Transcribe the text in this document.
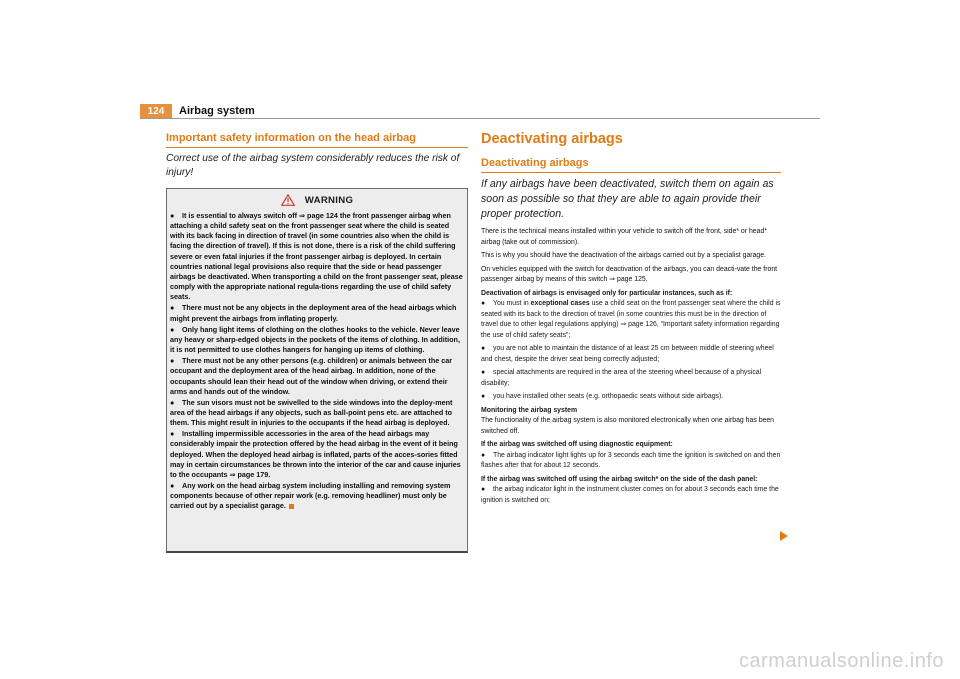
124	Airbag system
Important safety information on the head airbag

Correct use of the airbag system considerably reduces the risk of injury!

WARNING

● It is essential to always switch off ⇒ page 124 the front passenger airbag when attaching a child safety seat on the front passenger seat where the child is seated with its back facing in direction of travel (in some countries also when the child is facing the direction of travel). If this is not done, there is a risk of the child suffering severe or even fatal injuries if the front passenger airbag is deployed. In certain countries national legal provisions also require that the side or head passenger airbags be deactivated. When transporting a child on the front passenger seat, please comply with the appropriate national regula-tions regarding the use of child safety seats.

● There must not be any objects in the deployment area of the head airbags which might prevent the airbags from inflating properly.

● Only hang light items of clothing on the clothes hooks to the vehicle. Never leave any heavy or sharp-edged objects in the pockets of the items of clothing. In addition, it is not permitted to use clothes hangers for hanging up items of clothing.

● There must not be any other persons (e.g. children) or animals between the car occupant and the deployment area of the head airbag. In addition, none of the occupants should lean their head out of the window when driving, or extend their arms and hands out of the window.

● The sun visors must not be swivelled to the side windows into the deploy-ment area of the head airbags if any objects, such as ball-point pens etc. are attached to them. This might result in injuries to the occupants if the head airbag is deployed.

● Installing impermissible accessories in the area of the head airbags may considerably impair the protection offered by the head airbag in the event of it being deployed. When the deployed head airbag is inflated, parts of the acces-sories fitted may in certain circumstances be thrown into the interior of the car and cause injuries to the occupants ⇒ page 179.

● Any work on the head airbag system including installing and removing system components because of other repair work (e.g. removing headliner) must only be carried out by a specialist garage.

Deactivating airbags
Deactivating airbags

If any airbags have been deactivated, switch them on again as soon as possible so that they are able to again provide their proper protection.

There is the technical means installed within your vehicle to switch off the front, side* or head* airbag (take out of commission).

This is why you should have the deactivation of the airbags carried out by a specialist garage.

On vehicles equipped with the switch for deactivation of the airbags, you can deacti-vate the front passenger airbag by means of this switch ⇒ page 125.

Deactivation of airbags is envisaged only for particular instances, such as if:

● You must in exceptional cases use a child seat on the front passenger seat where the child is seated with its back to the direction of travel (in some countries this must be in the direction of travel due to other legal regulations applying) ⇒ page 126, “Important safety information regarding the use of child safety seats”;

● you are not able to maintain the distance of at least 25 cm between middle of steering wheel and chest, despite the driver seat being correctly adjusted;

● special attachments are required in the area of the steering wheel because of a physical disability;

● you have installed other seats (e.g. orthopaedic seats without side airbags).

Monitoring the airbag system

The functionality of the airbag system is also monitored electronically when one airbag has been switched off.

If the airbag was switched off using diagnostic equipment:

● The airbag indicator light lights up for 3 seconds each time the ignition is switched on and then flashes after that for about 12 seconds.

If the airbag was switched off using the airbag switch* on the side of the dash panel:

● the airbag indicator light in the instrument cluster comes on for about 3 seconds each time the ignition is switched on;

carmanualsonline.info
